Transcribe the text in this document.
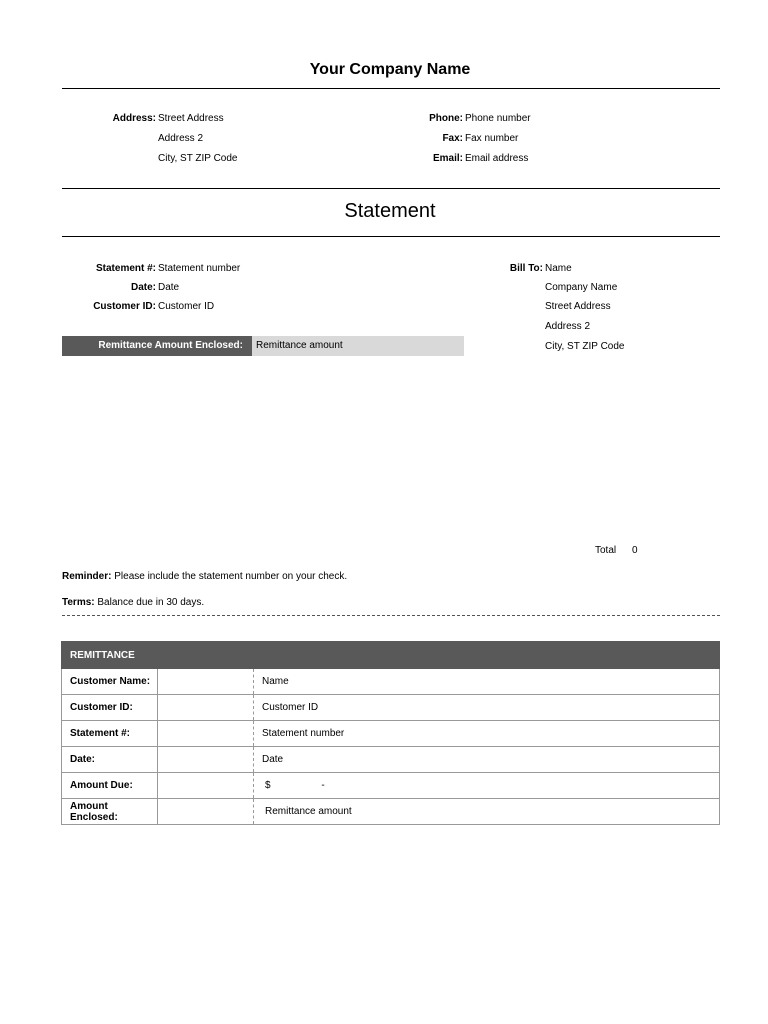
Your Company Name
Address: Street Address
Address 2
City, ST ZIP Code
Phone: Phone number
Fax: Fax number
Email: Email address
Statement
Statement #: Statement number
Date: Date
Customer ID: Customer ID
Remittance Amount Enclosed:	Remittance amount
Bill To: Name
Company Name
Street Address
Address 2
City, ST ZIP Code
Total 0
Reminder: Please include the statement number on your check.
Terms: Balance due in 30 days.
REMITTANCE		
Customer Name:		Name
Customer ID:		Customer ID
Statement #:		Statement number
Date:		Date
Amount Due:		$ -
Amount Enclosed:		Remittance amount
